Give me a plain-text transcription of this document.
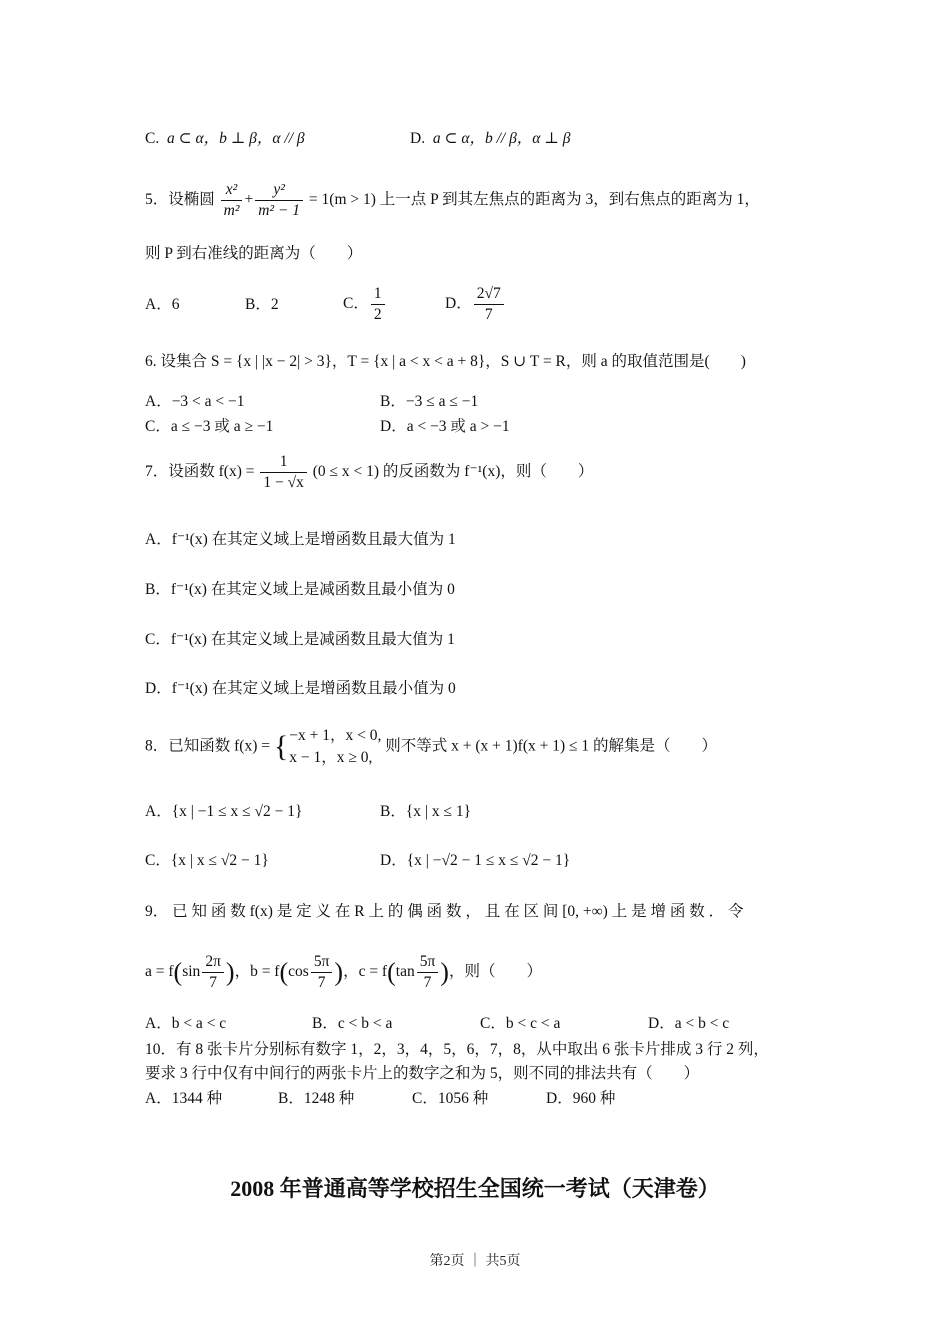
C. a ⊂ α，b ⊥ β，α // β	D. a ⊂ α，b // β，α ⊥ β
5．设椭圆 $\frac{\text{x²}}{\text{m²}} + \frac{\text{y²}}{\text{m² − 1}} = 1(m > 1)$ 上一点 P 到其左焦点的距离为 3，到右焦点的距离为 1，
则 P 到右准线的距离为（　　）
A．6	B．2	C． $\frac{1}{2}$	D． $\frac{2√7}{7}$
6. 设集合 S = {x | |x − 2| > 3}，T = {x | a < x < a + 8}，S ∪ T = R，则 a 的取值范围是(　　)
A．−3 < a < −1	B．−3 ≤ a ≤ −1
C．a ≤ −3 或 a ≥ −1	D．a < −3 或 a > −1
7．设函数 $f(x) = \frac{1}{1 - √x} (0 \le x < 1)$ 的反函数为 f⁻¹(x)，则（　　）
A．f⁻¹(x) 在其定义域上是增函数且最大值为 1
B．f⁻¹(x) 在其定义域上是减函数且最小值为 0
C．f⁻¹(x) 在其定义域上是减函数且最大值为 1
D．f⁻¹(x) 在其定义域上是增函数且最小值为 0
8．已知函数 f(x) = { −x + 1，x < 0,
x − 1，x ≥ 0,
则不等式 x + (x + 1)f(x + 1) ≤ 1 的解集是（　　）
A．{x | −1 ≤ x ≤ √2 − 1}	B．{x | x ≤ 1}
C．{x | x ≤ √2 − 1}	D．{x | −√2 − 1 ≤ x ≤ √2 − 1}
9． 已 知 函 数 f(x) 是 定 义 在 R 上 的 偶 函 数 ， 且 在 区 间 [0, +∞) 上 是 增 函 数 ． 令
$a = f(\sin \frac{2\pi}{7}$ )，$b = f(\cos \frac{5\pi}{7}$ )，$c = f(\tan \frac{5\pi}{7}$ )，则（　　）
A．b < a < c	B．c < b < a	C．b < c < a	D．a < b < c
10．有 8 张卡片分别标有数字 1，2，3，4，5，6，7，8，从中取出 6 张卡片排成 3 行 2 列，
要求 3 行中仅有中间行的两张卡片上的数字之和为 5，则不同的排法共有（　　）
A．1344 种	B．1248 种	C．1056 种	D．960 种
2008 年普通高等学校招生全国统一考试（天津卷）
第2页 ｜ 共5页
